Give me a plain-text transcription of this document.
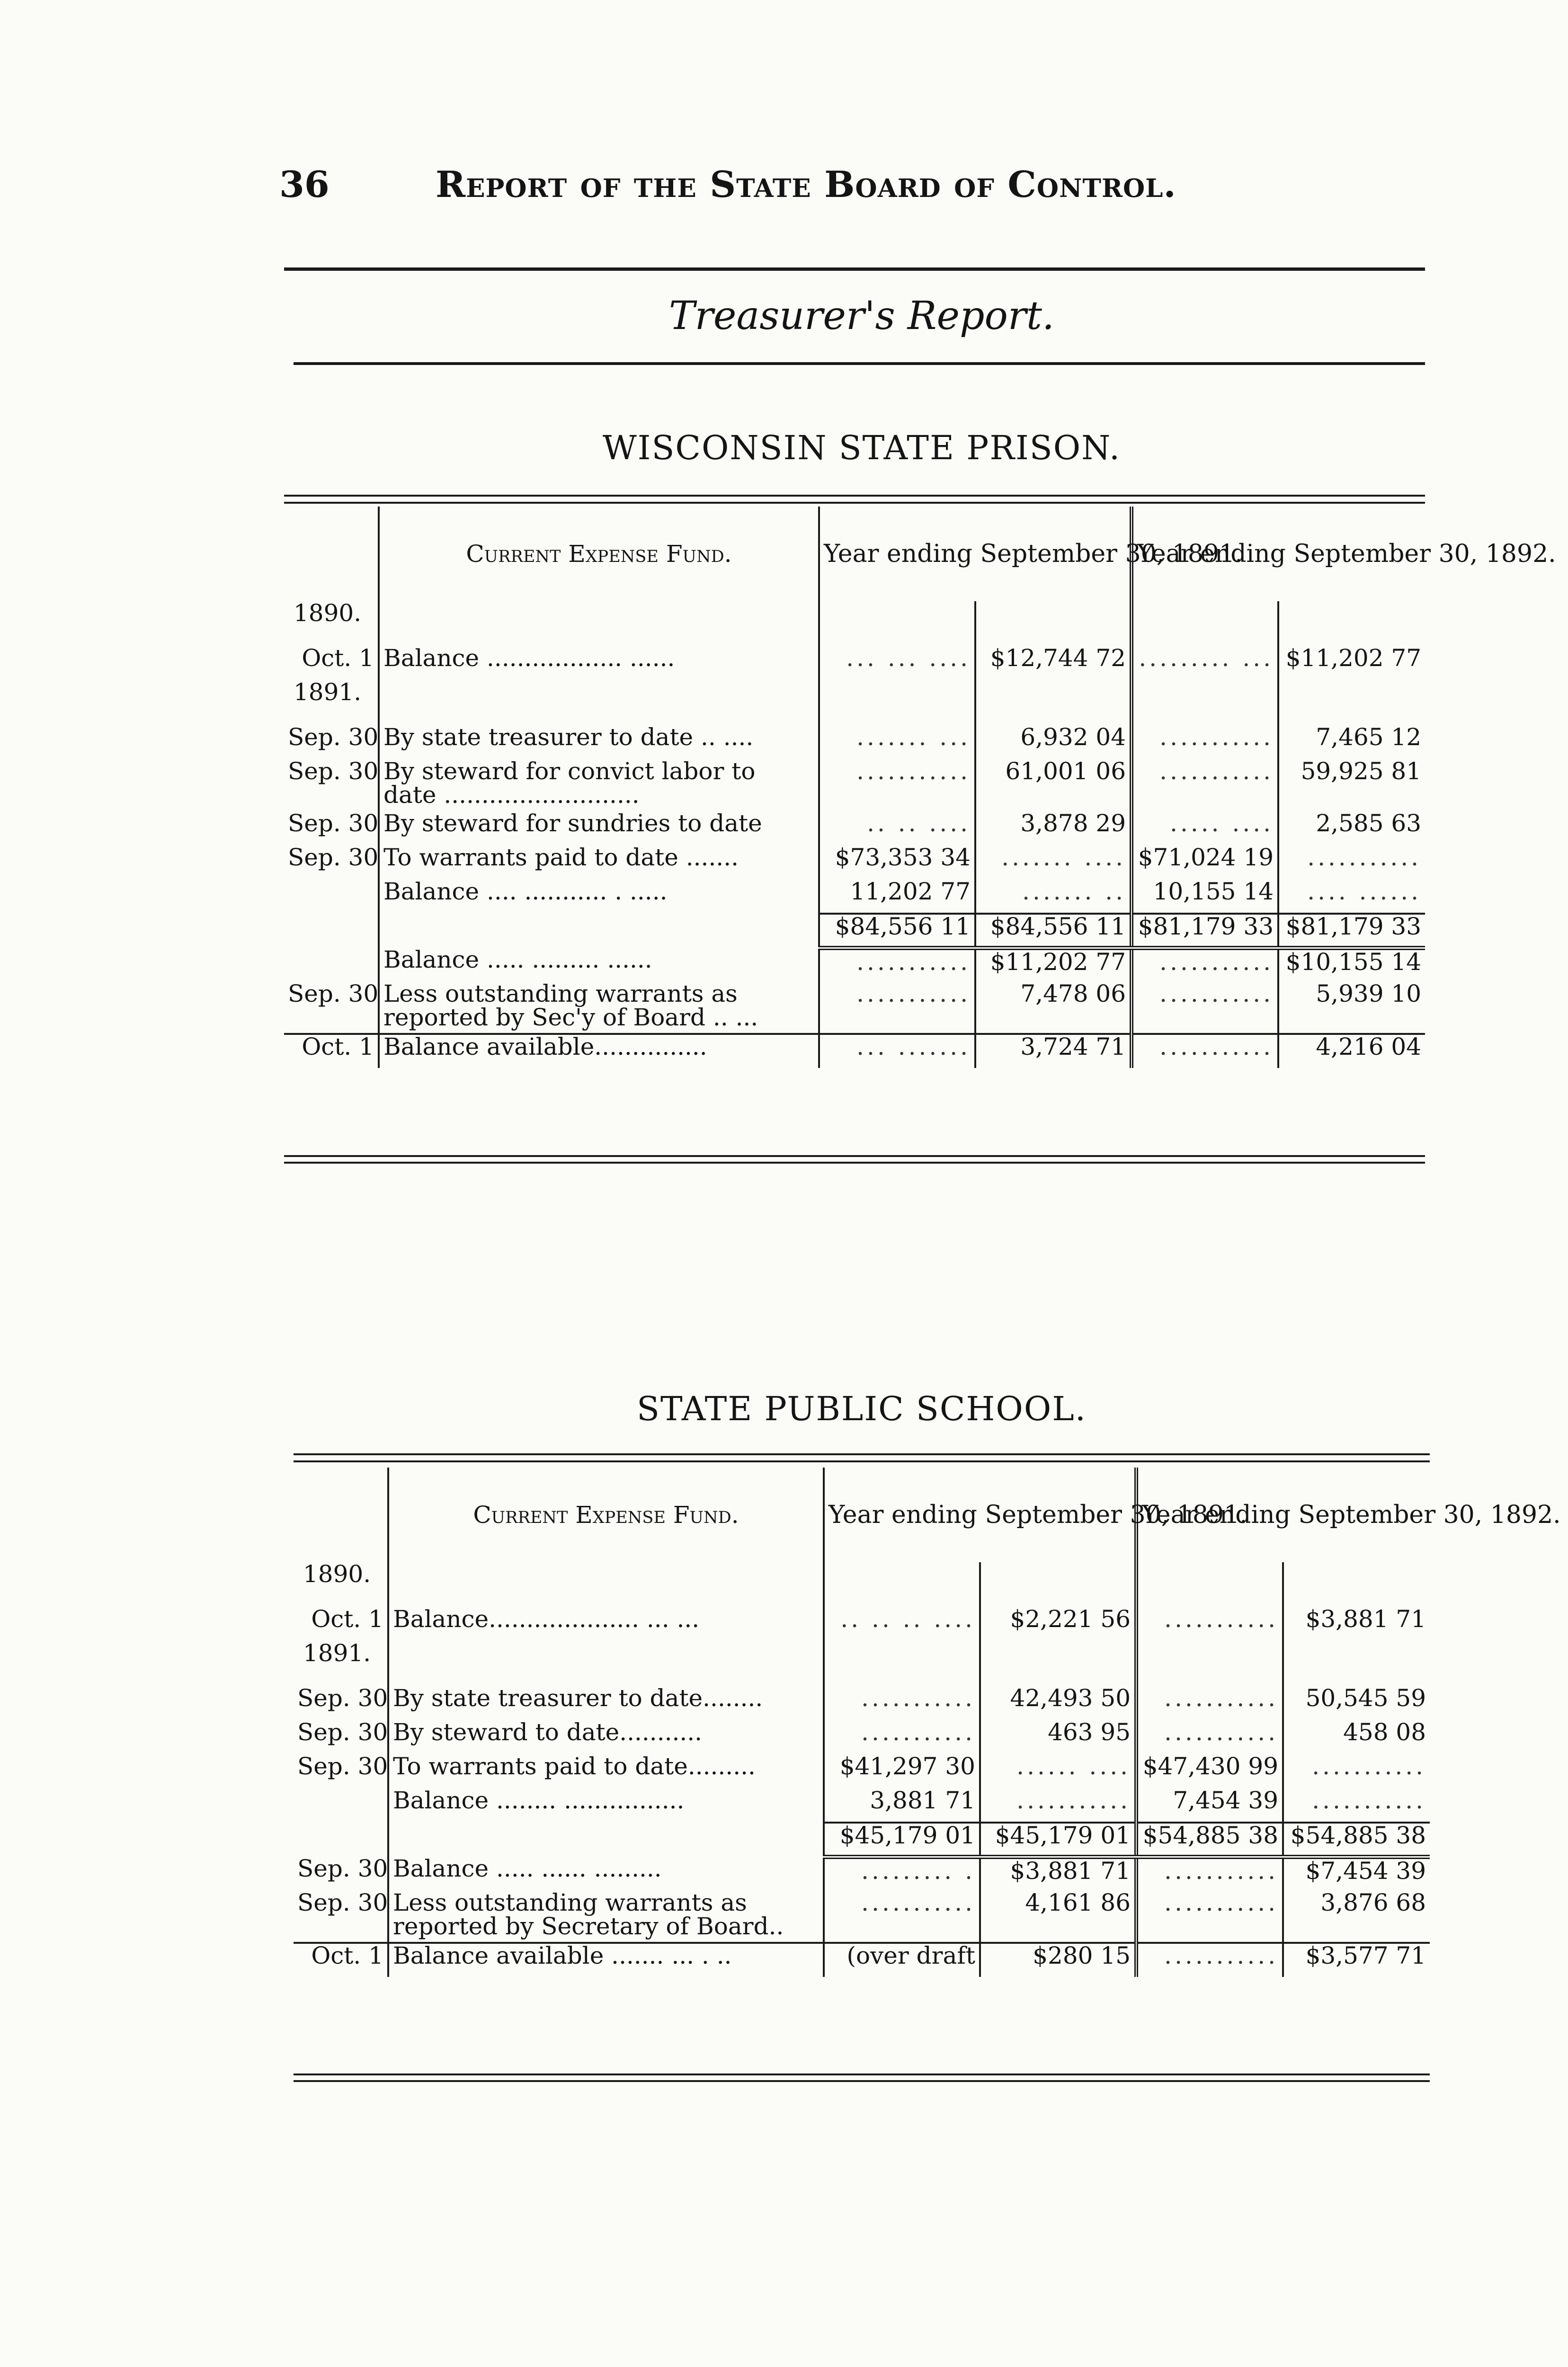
36	Report of the State Board of Control.
Treasurer's Report.
WISCONSIN STATE PRISON.
	Current Expense Fund.	Year ending September 30, 1891.		Year ending September 30, 1892.	
1890.					
Oct. 1	Balance .................. ......	... ... ....	$12,744 72	......... ...	$11,202 77
1891.					
Sep. 30	By state treasurer to date .. ....	....... ...	6,932 04	...........	7,465 12
Sep. 30	By steward for convict labor to date ..........................	...........	61,001 06	...........	59,925 81
Sep. 30	By steward for sundries to date	.. .. ....	3,878 29	..... ....	2,585 63
Sep. 30	To warrants paid to date .......	$73,353 34	....... ....	$71,024 19	...........
	Balance .... ........... . .....	11,202 77	....... ..	10,155 14	.... ......
		$84,556 11	$84,556 11	$81,179 33	$81,179 33
	Balance ..... ......... ......	...........	$11,202 77	...........	$10,155 14
Sep. 30	Less outstanding warrants as reported by Sec'y of Board .. ...	...........	7,478 06	...........	5,939 10
Oct. 1	Balance available...............	... .......	3,724 71	...........	4,216 04
STATE PUBLIC SCHOOL.
	Current Expense Fund.	Year ending September 30, 1891.		Year ending September 30, 1892.	
1890.					
Oct. 1	Balance.................... ... ...	.. .. .. ....	$2,221 56	...........	$3,881 71
1891.					
Sep. 30	By state treasurer to date........	...........	42,493 50	...........	50,545 59
Sep. 30	By steward to date...........	...........	463 95	...........	458 08
Sep. 30	To warrants paid to date.........	$41,297 30	...... ....	$47,430 99	...........
	Balance ........ ................	3,881 71	...........	7,454 39	...........
		$45,179 01	$45,179 01	$54,885 38	$54,885 38
Sep. 30	Balance ..... ...... .........	......... .	$3,881 71	...........	$7,454 39
Sep. 30	Less outstanding warrants as reported by Secretary of Board..	...........	4,161 86	...........	3,876 68
Oct. 1	Balance available ....... ... . ..	(over draft	$280 15	...........	$3,577 71
